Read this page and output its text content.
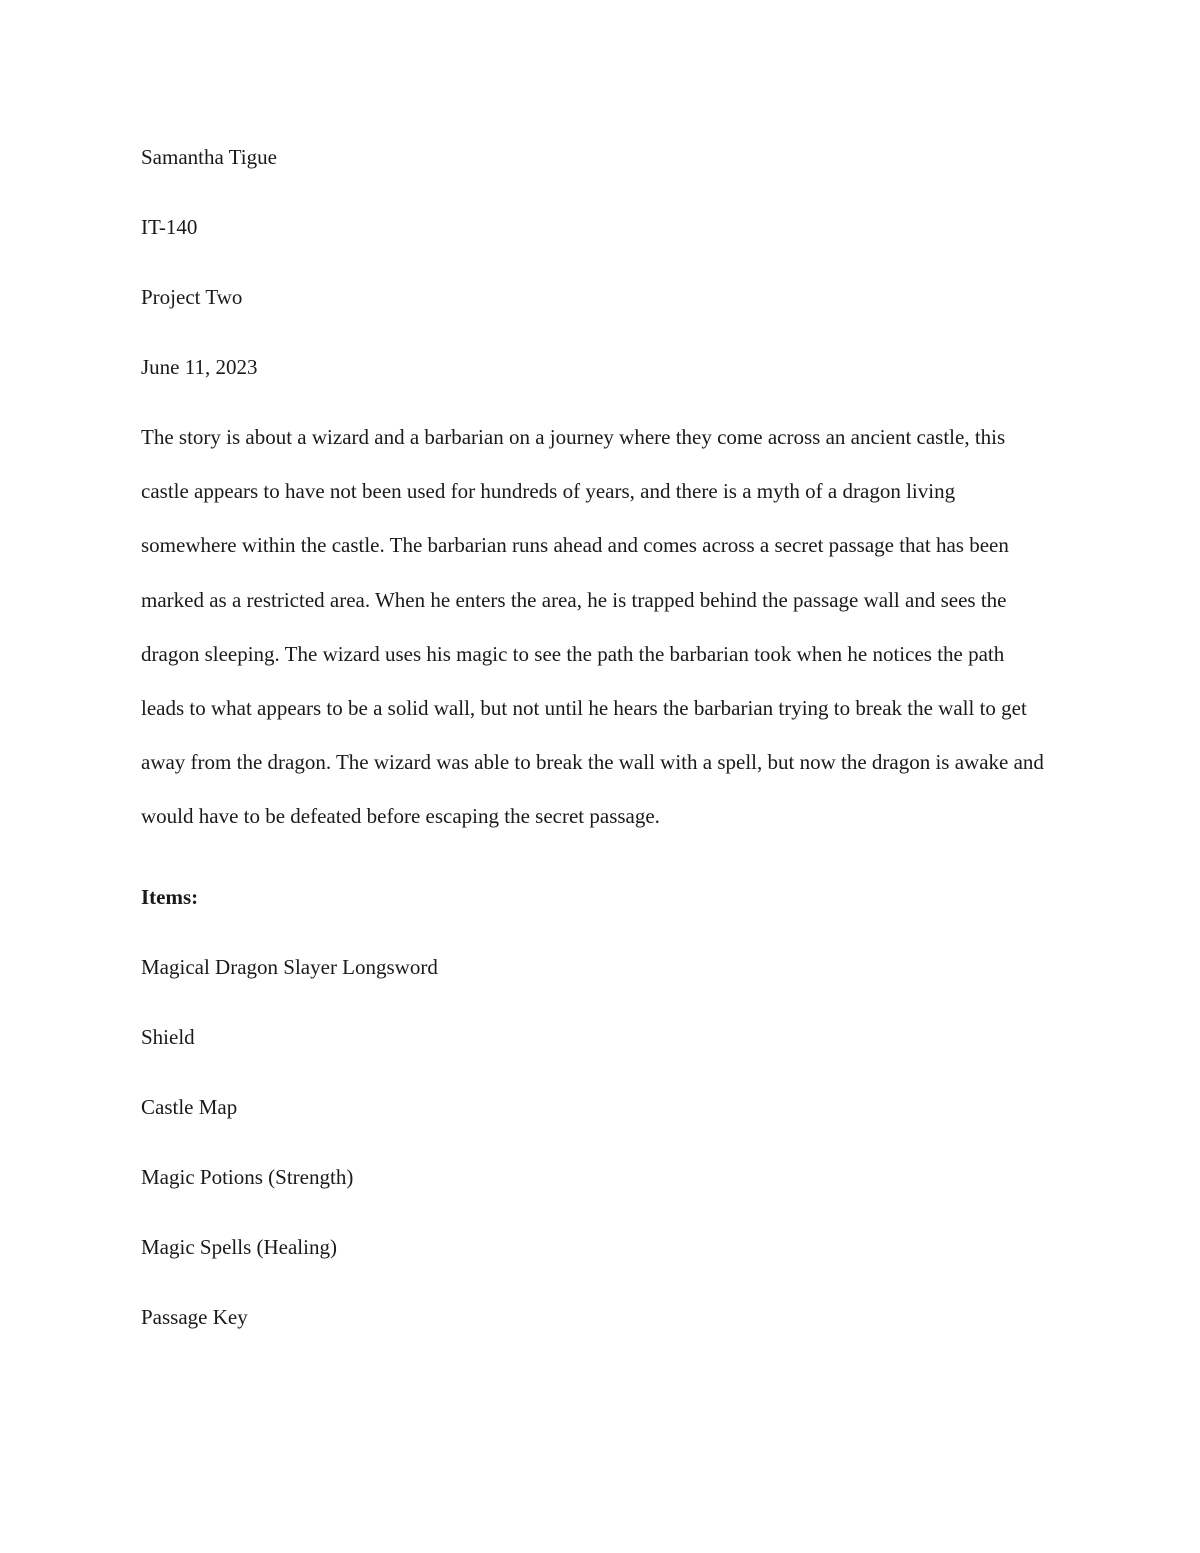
Samantha Tigue

IT-140

Project Two

June 11, 2023

The story is about a wizard and a barbarian on a journey where they come across an ancient castle, this castle appears to have not been used for hundreds of years, and there is a myth of a dragon living somewhere within the castle. The barbarian runs ahead and comes across a secret passage that has been marked as a restricted area. When he enters the area, he is trapped behind the passage wall and sees the dragon sleeping. The wizard uses his magic to see the path the barbarian took when he notices the path leads to what appears to be a solid wall, but not until he hears the barbarian trying to break the wall to get away from the dragon. The wizard was able to break the wall with a spell, but now the dragon is awake and would have to be defeated before escaping the secret passage.

Items:

Magical Dragon Slayer Longsword
Shield
Castle Map
Magic Potions (Strength)
Magic Spells (Healing)
Passage Key
